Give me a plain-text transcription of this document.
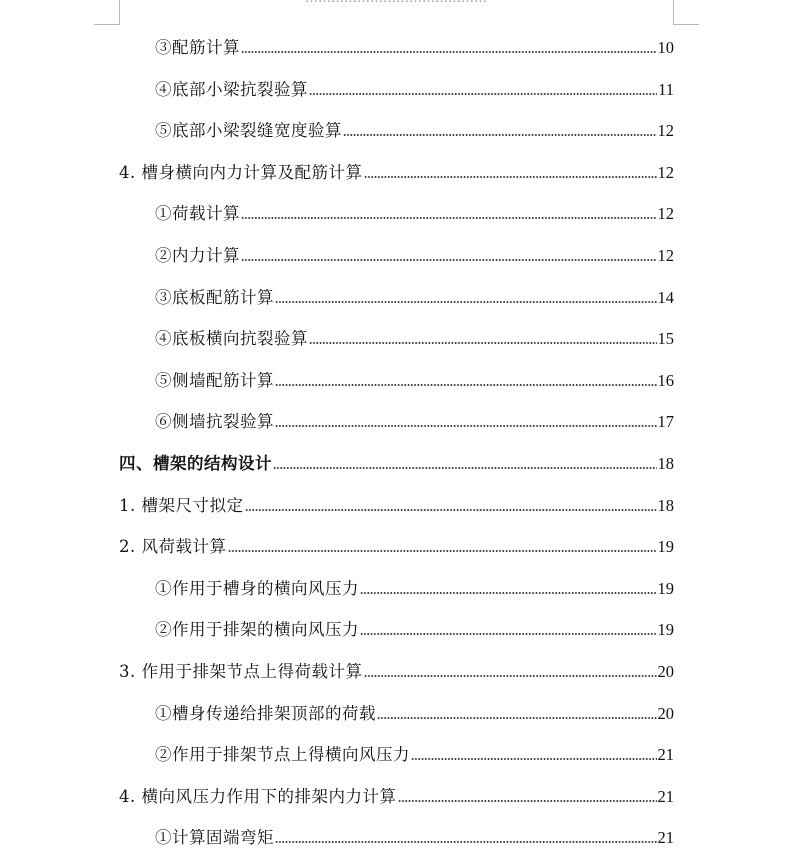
③配筋计算	10
④底部小梁抗裂验算	11
⑤底部小梁裂缝宽度验算	12
4. 槽身横向内力计算及配筋计算	12
①荷载计算	12
②内力计算	12
③底板配筋计算	14
④底板横向抗裂验算	15
⑤侧墙配筋计算	16
⑥侧墙抗裂验算	17
四、槽架的结构设计	18
1. 槽架尺寸拟定	18
2. 风荷载计算	19
①作用于槽身的横向风压力	19
②作用于排架的横向风压力	19
3. 作用于排架节点上得荷载计算	20
①槽身传递给排架顶部的荷载	20
②作用于排架节点上得横向风压力	21
4. 横向风压力作用下的排架内力计算	21
①计算固端弯矩	21
